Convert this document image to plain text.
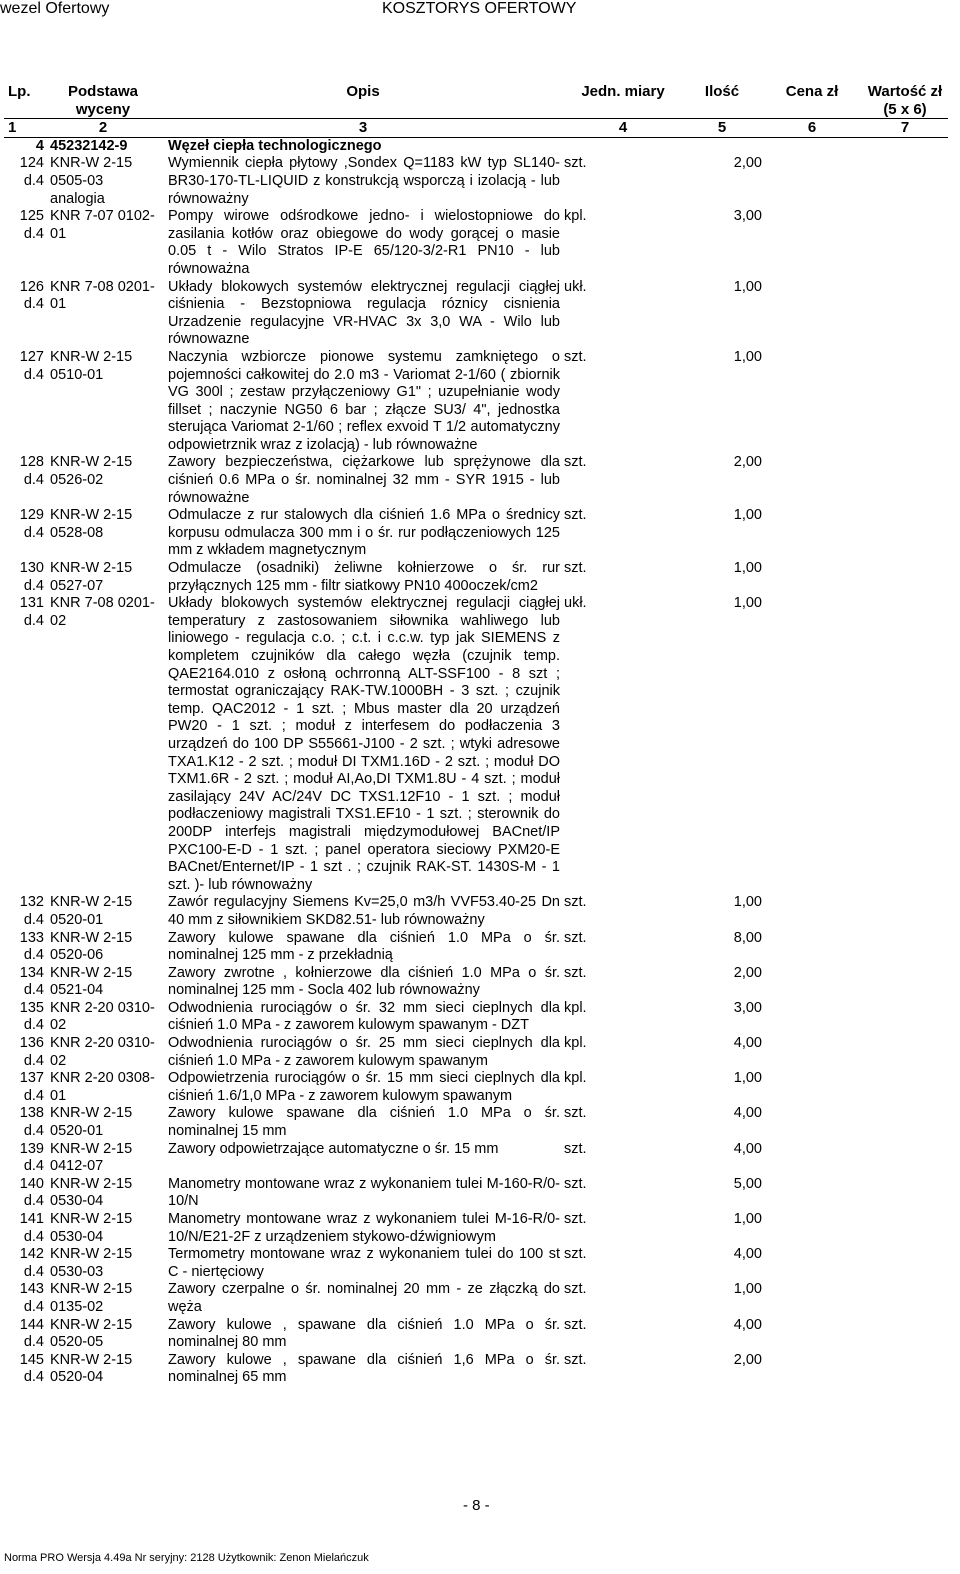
wezel Ofertowy	KOSZTORYS OFERTOWY
Lp.	Podstawa wyceny	Opis	Jedn. miary	Ilość	Cena zł	Wartość zł (5 x 6)
1	2	3	4	5	6	7
4	45232142-9	Węzeł ciepła technologicznego				
124 d.4	KNR-W 2-15 0505-03 analogia	Wymiennik ciepła płytowy ,Sondex Q=1183 kW typ SL140-BR30-170-TL-LIQUID z konstrukcją wsporczą i izolacją - lub równoważny	szt.	2,00		
125 d.4	KNR 7-07 0102-01	Pompy wirowe odśrodkowe jedno- i wielostopniowe do zasilania kotłów oraz obiegowe do wody gorącej o masie 0.05 t - Wilo Stratos IP-E 65/120-3/2-R1 PN10 - lub równoważna	kpl.	3,00		
126 d.4	KNR 7-08 0201-01	Układy blokowych systemów elektrycznej regulacji ciągłej ciśnienia - Bezstopniowa regulacja róznicy cisnienia Urzadzenie regulacyjne VR-HVAC 3x 3,0 WA - Wilo lub równowazne	ukł.	1,00		
127 d.4	KNR-W 2-15 0510-01	Naczynia wzbiorcze pionowe systemu zamkniętego o pojemności całkowitej do 2.0 m3 - Variomat 2-1/60 ( zbiornik VG 300l ; zestaw przyłączeniowy G1" ; uzupełnianie wody fillset ; naczynie NG50 6 bar ; złącze SU3/ 4", jednostka sterująca Variomat 2-1/60 ; reflex exvoid T 1/2 automatyczny odpowietrznik wraz z izolacją) - lub równoważne	szt.	1,00		
128 d.4	KNR-W 2-15 0526-02	Zawory bezpieczeństwa, ciężarkowe lub sprężynowe dla ciśnień 0.6 MPa o śr. nominalnej 32 mm - SYR 1915 - lub równoważne	szt.	2,00		
129 d.4	KNR-W 2-15 0528-08	Odmulacze z rur stalowych dla ciśnień 1.6 MPa o średnicy korpusu odmulacza 300 mm i o śr. rur podłączeniowych 125 mm z wkładem magnetycznym	szt.	1,00		
130 d.4	KNR-W 2-15 0527-07	Odmulacze (osadniki) żeliwne kołnierzowe o śr. rur przyłącznych 125 mm - filtr siatkowy PN10 400oczek/cm2	szt.	1,00		
131 d.4	KNR 7-08 0201-02	Układy blokowych systemów elektrycznej regulacji ciągłej temperatury z zastosowaniem siłownika wahliwego lub liniowego - regulacja c.o. ; c.t. i c.c.w. typ jak SIEMENS z kompletem czujników dla całego węzła (czujnik temp. QAE2164.010 z osłoną ochrronną ALT-SSF100 - 8 szt ; termostat ograniczający RAK-TW.1000BH - 3 szt. ; czujnik temp. QAC2012 - 1 szt. ; Mbus master dla 20 urządzeń PW20 - 1 szt. ; moduł z interfesem do podłaczenia 3 urządzeń do 100 DP S55661-J100 - 2 szt. ; wtyki adresowe TXA1.K12 - 2 szt. ; moduł DI TXM1.16D - 2 szt. ; moduł DO TXM1.6R - 2 szt. ; moduł AI,Ao,DI TXM1.8U - 4 szt. ; moduł zasilający 24V AC/24V DC TXS1.12F10 - 1 szt. ; moduł podłaczeniowy magistrali TXS1.EF10 - 1 szt. ; sterownik do 200DP interfejs magistrali międzymodułowej BACnet/IP PXC100-E-D - 1 szt. ; panel operatora sieciowy PXM20-E BACnet/Enternet/IP - 1 szt . ; czujnik RAK-ST. 1430S-M - 1 szt. )- lub równoważny	ukł.	1,00		
132 d.4	KNR-W 2-15 0520-01	Zawór regulacyjny Siemens Kv=25,0 m3/h VVF53.40-25 Dn 40 mm z siłownikiem SKD82.51- lub równoważny	szt.	1,00		
133 d.4	KNR-W 2-15 0520-06	Zawory kulowe spawane dla ciśnień 1.0 MPa o śr. nominalnej 125 mm - z przekładnią	szt.	8,00		
134 d.4	KNR-W 2-15 0521-04	Zawory zwrotne , kołnierzowe dla ciśnień 1.0 MPa o śr. nominalnej 125 mm - Socla 402 lub równoważny	szt.	2,00		
135 d.4	KNR 2-20 0310-02	Odwodnienia rurociągów o śr. 32 mm sieci cieplnych dla ciśnień 1.0 MPa - z zaworem kulowym spawanym - DZT	kpl.	3,00		
136 d.4	KNR 2-20 0310-02	Odwodnienia rurociągów o śr. 25 mm sieci cieplnych dla ciśnień 1.0 MPa - z zaworem kulowym spawanym	kpl.	4,00		
137 d.4	KNR 2-20 0308-01	Odpowietrzenia rurociągów o śr. 15 mm sieci cieplnych dla ciśnień 1.6/1,0 MPa - z zaworem kulowym spawanym	kpl.	1,00		
138 d.4	KNR-W 2-15 0520-01	Zawory kulowe spawane dla ciśnień 1.0 MPa o śr. nominalnej 15 mm	szt.	4,00		
139 d.4	KNR-W 2-15 0412-07	Zawory odpowietrzające automatyczne o śr. 15 mm	szt.	4,00		
140 d.4	KNR-W 2-15 0530-04	Manometry montowane wraz z wykonaniem tulei M-160-R/0-10/N	szt.	5,00		
141 d.4	KNR-W 2-15 0530-04	Manometry montowane wraz z wykonaniem tulei M-16-R/0-10/N/E21-2F z urządzeniem stykowo-dźwigniowym	szt.	1,00		
142 d.4	KNR-W 2-15 0530-03	Termometry montowane wraz z wykonaniem tulei do 100 st C - niertęciowy	szt.	4,00		
143 d.4	KNR-W 2-15 0135-02	Zawory czerpalne o śr. nominalnej 20 mm - ze złączką do węża	szt.	1,00		
144 d.4	KNR-W 2-15 0520-05	Zawory kulowe , spawane dla ciśnień 1.0 MPa o śr. nominalnej 80 mm	szt.	4,00		
145 d.4	KNR-W 2-15 0520-04	Zawory kulowe , spawane dla ciśnień 1,6 MPa o śr. nominalnej 65 mm	szt.	2,00		
- 8 -
Norma PRO Wersja 4.49a Nr seryjny: 2128 Użytkownik: Zenon Mielańczuk
